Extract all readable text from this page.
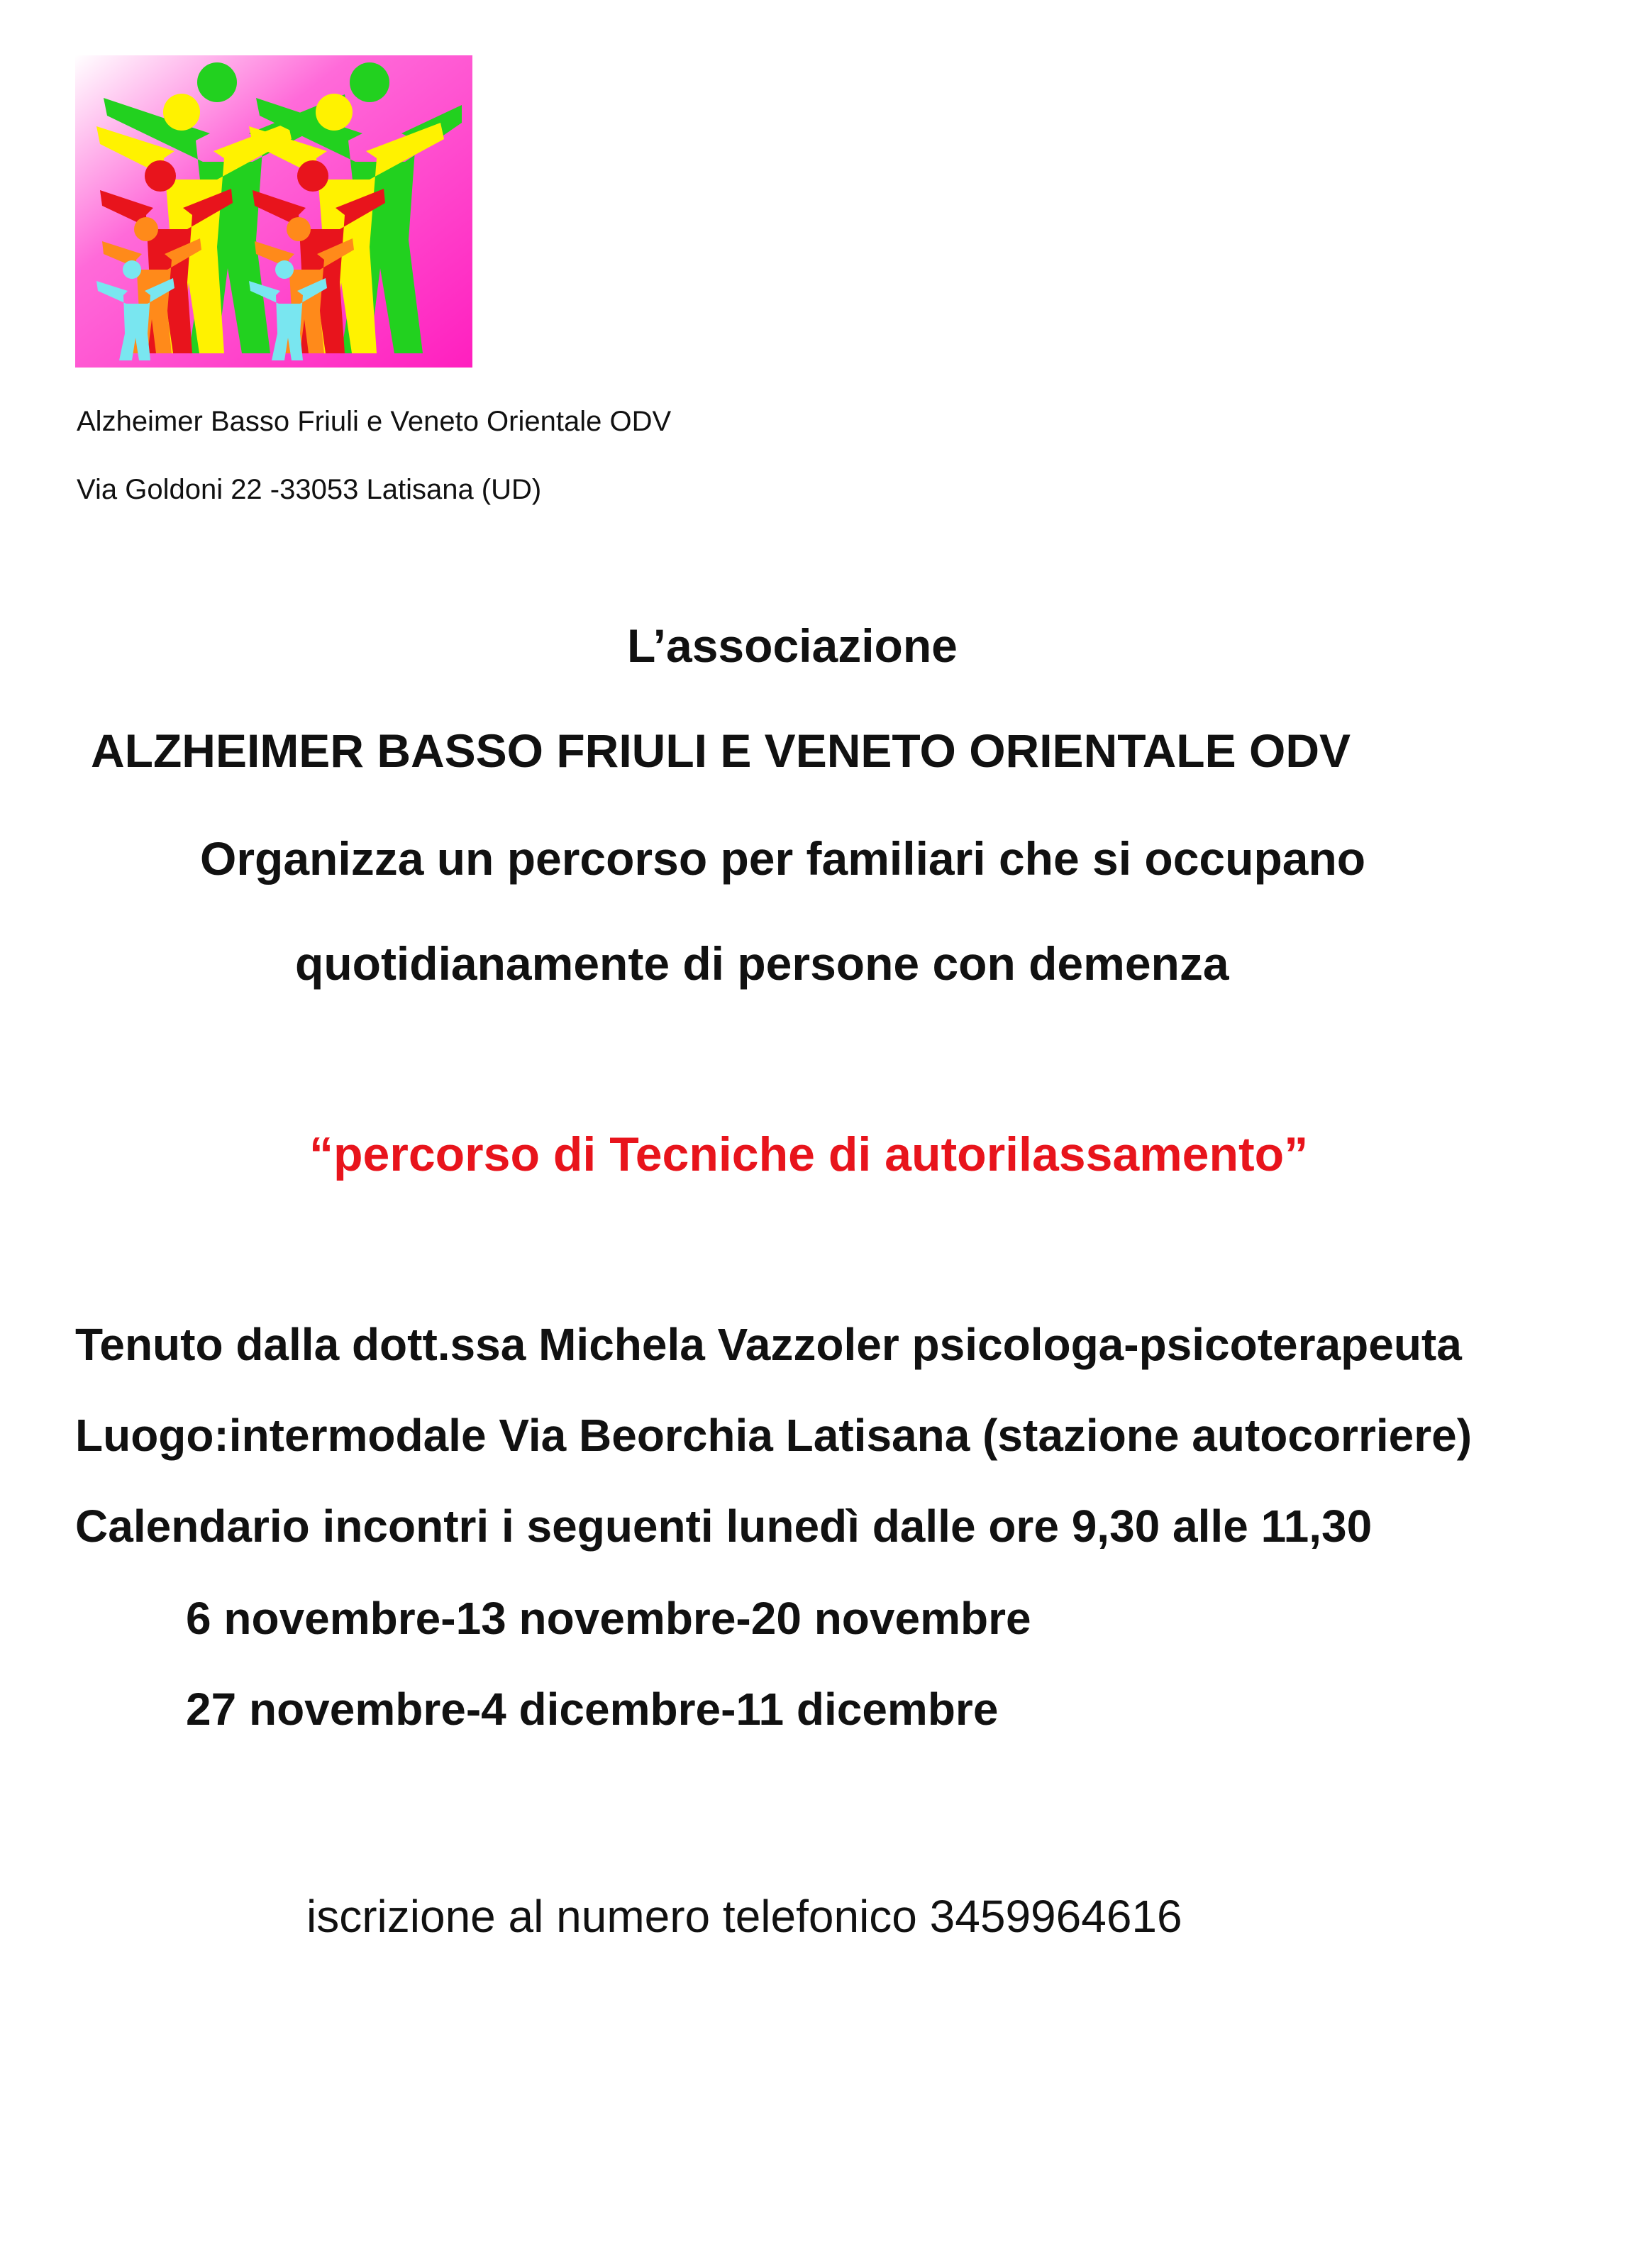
Alzheimer Basso Friuli e Veneto Orientale ODV
Via Goldoni 22 -33053 Latisana (UD)
L’associazione
ALZHEIMER BASSO FRIULI E VENETO ORIENTALE ODV
Organizza un percorso per familiari che si occupano
quotidianamente di persone con demenza
“percorso di Tecniche di autorilassamento”
Tenuto dalla dott.ssa Michela Vazzoler psicologa-psicoterapeuta
Luogo:intermodale Via Beorchia Latisana (stazione autocorriere)
Calendario incontri i seguenti lunedì dalle ore 9,30 alle 11,30
6 novembre-13 novembre-20 novembre
27 novembre-4 dicembre-11 dicembre
iscrizione al numero telefonico 3459964616
